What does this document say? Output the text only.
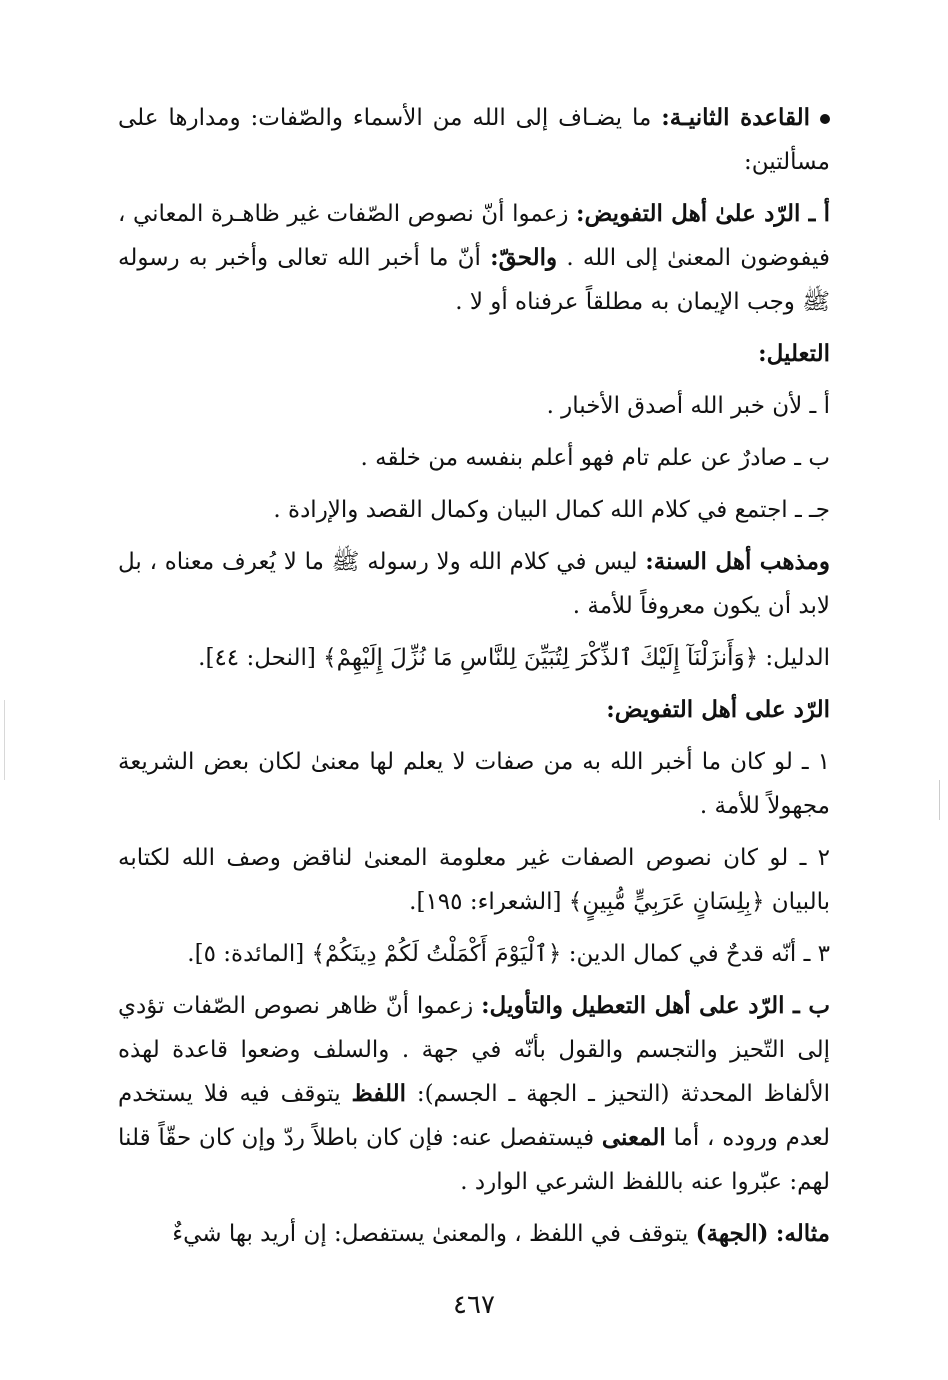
القاعدة الثانيـة: ما يضـاف إلى الله من الأسماء والصّفات: ومدارها على مسألتين:

أ ـ الرّد علىٰ أهل التفويض: زعموا أنّ نصوص الصّفات غير ظاهـرة المعاني ، فيفوضون المعنىٰ إلى الله . والحقّ: أنّ ما أخبر الله تعالى وأخبر به رسوله ﷺ وجب الإيمان به مطلقاً عرفناه أو لا .

التعليل:

أ ـ لأن خبر الله أصدق الأخبار .

ب ـ صادرٌ عن علم تام فهو أعلم بنفسه من خلقه .

جـ ـ اجتمع في كلام الله كمال البيان وكمال القصد والإرادة .

ومذهب أهل السنة: ليس في كلام الله ولا رسوله ﷺ ما لا يُعرف معناه ، بل لابد أن يكون معروفاً للأمة .

الدليل: ﴿وَأَنزَلْنَآ إِلَيْكَ ٱلذِّكْرَ لِتُبَيِّنَ لِلنَّاسِ مَا نُزِّلَ إِلَيْهِمْ﴾ [النحل: ٤٤].

الرّد على أهل التفويض:

١ ـ لو كان ما أخبر الله به من صفات لا يعلم لها معنىٰ لكان بعض الشريعة مجهولاً للأمة .

٢ ـ لو كان نصوص الصفات غير معلومة المعنىٰ لناقض وصف الله لكتابه بالبيان ﴿بِلِسَانٍ عَرَبِيٍّ مُّبِينٍ﴾ [الشعراء: ١٩٥].

٣ ـ أنّه قدحٌ في كمال الدين: ﴿ٱلْيَوْمَ أَكْمَلْتُ لَكُمْ دِينَكُمْ﴾ [المائدة: ٥].

ب ـ الرّد على أهل التعطيل والتأويل: زعموا أنّ ظاهر نصوص الصّفات تؤدي إلى التّحيز والتجسم والقول بأنّه في جهة . والسلف وضعوا قاعدة لهذه الألفاظ المحدثة (التحيز ـ الجهة ـ الجسم): اللفظ يتوقف فيه فلا يستخدم لعدم وروده ، أما المعنى فيستفصل عنه: فإن كان باطلاً ردّ وإن كان حقّاً قلنا لهم: عبّروا عنه باللفظ الشرعي الوارد .

مثاله: (الجهة) يتوقف في اللفظ ، والمعنىٰ يستفصل: إن أريد بها شيءٌ

٤٦٧
